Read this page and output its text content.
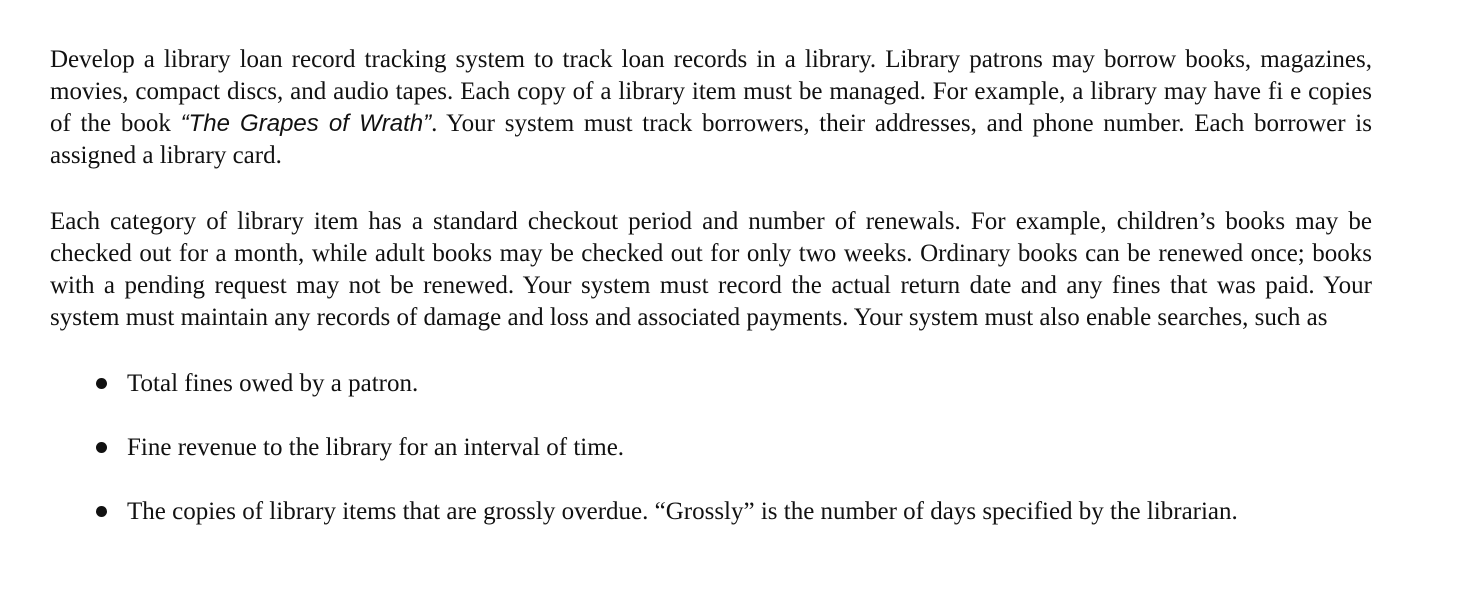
Develop a library loan record tracking system to track loan records in a library. Library patrons may borrow books, magazines, movies, compact discs, and audio tapes. Each copy of a library item must be managed. For example, a library may have fi e copies of the book “The Grapes of Wrath”. Your system must track borrowers, their addresses, and phone number. Each borrower is assigned a library card.

Each category of library item has a standard checkout period and number of renewals. For example, children’s books may be checked out for a month, while adult books may be checked out for only two weeks. Ordinary books can be renewed once; books with a pending request may not be renewed. Your system must record the actual return date and any fines that was paid. Your system must maintain any records of damage and loss and associated payments. Your system must also enable searches, such as

Total fines owed by a patron.
Fine revenue to the library for an interval of time.
The copies of library items that are grossly overdue. “Grossly” is the number of days specified by the librarian.
